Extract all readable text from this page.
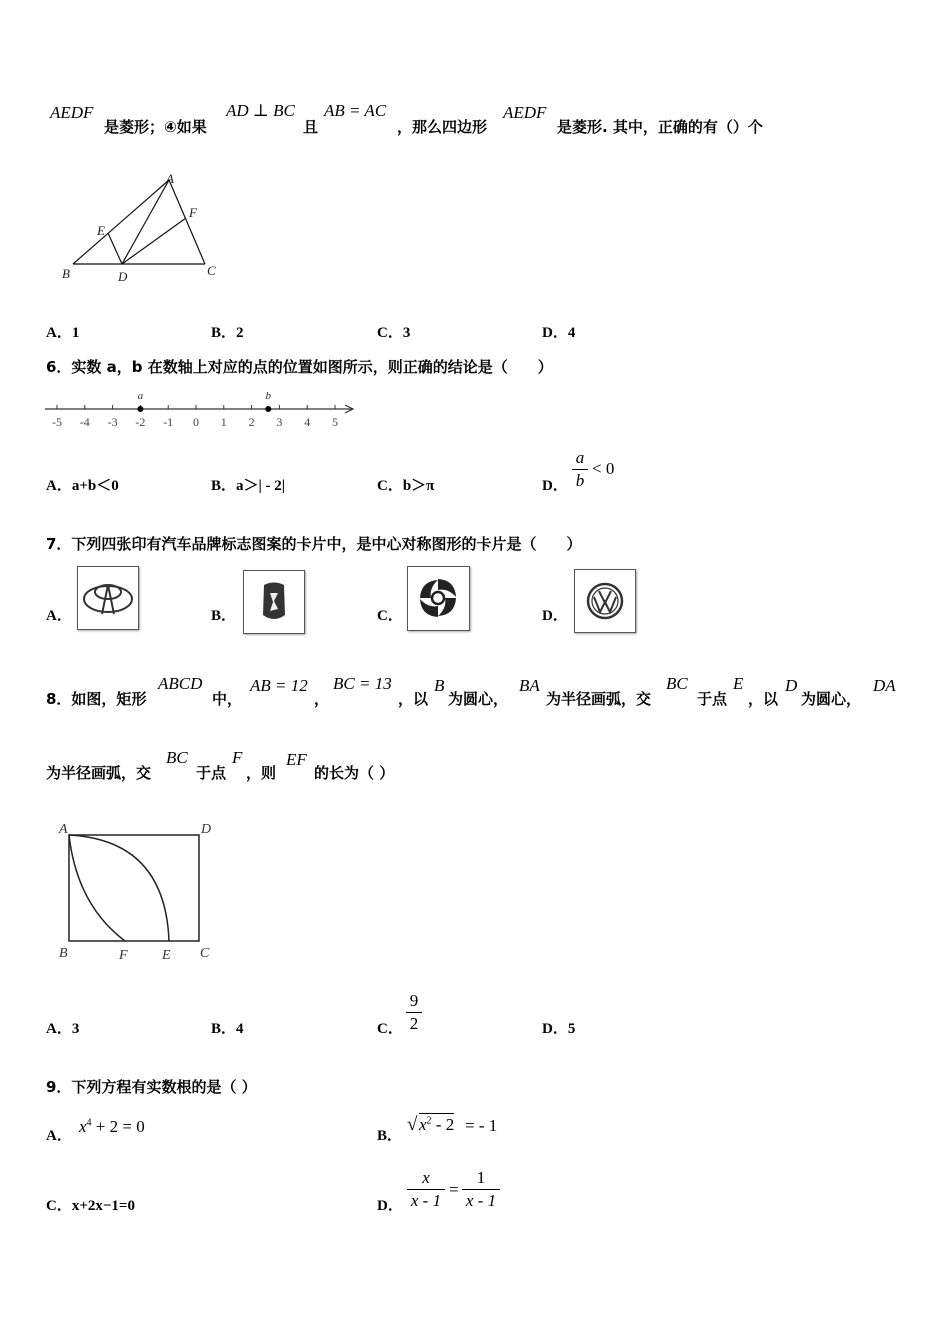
AEDF
是菱形；④如果
AD ⊥ BC
且
AB = AC
，那么四边形
AEDF
是菱形. 其中，正确的有（）个
A
E
F
B	D	C
A．1	B．2	C．3	D．4
6．实数 a，b 在数轴上对应的点的位置如图所示，则正确的结论是（　　）
-5 -4 -3 -2 -1 0 1 2 3 4 5
a	b
A．a+b＜0	B．a＞| - 2|	C．b＞π	D．
a
b
< 0
7．下列四张印有汽车品牌标志图案的卡片中，是中心对称图形的卡片是（　　）
A．	B．	C．	D．
8．如图，矩形
ABCD
中，
AB = 12
，
BC = 13
，以
B
为圆心，
BA
为半径画弧，交
BC
于点
E
，以
D
为圆心，
DA
为半径画弧，交
BC
于点
F
，则
EF
的长为（ ）
A	D
B	F E C
A．3	B．4	C．
9
2	D．5
9．下列方程有实数根的是（ ）
A． $x^4 + 2 = 0$	B．
√ $x^2 - 2$ = - 1
C．x+2x−1=0	D．
x
x - 1
=
1
x - 1
